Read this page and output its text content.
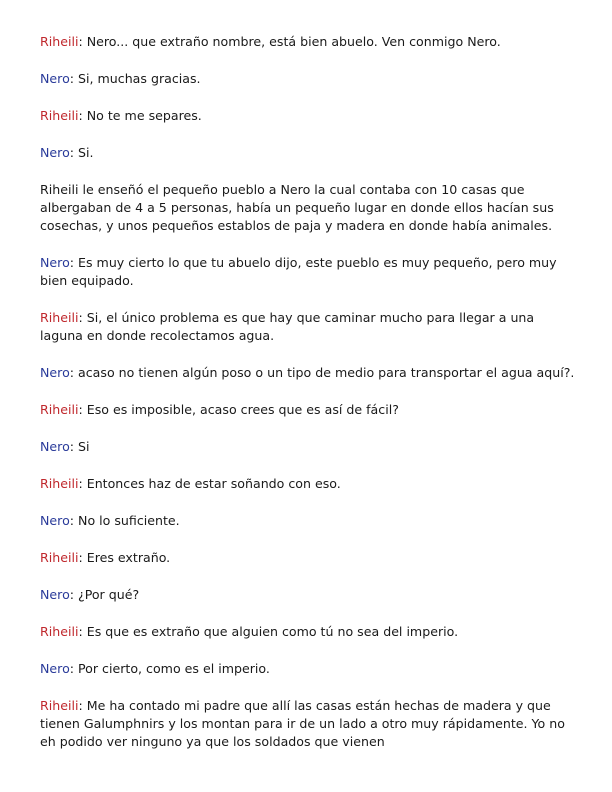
Riheili: Nero... que extraño nombre, está bien abuelo. Ven conmigo Nero.

Nero: Si, muchas gracias.

Riheili: No te me separes.

Nero: Si.

Riheili le enseñó el pequeño pueblo a Nero la cual contaba con 10 casas que albergaban de 4 a 5 personas, había un pequeño lugar en donde ellos hacían sus cosechas, y unos pequeños establos de paja y madera en donde había animales.

Nero: Es muy cierto lo que tu abuelo dijo, este pueblo es muy pequeño, pero muy bien equipado.

Riheili: Si, el único problema es que hay que caminar mucho para llegar a una laguna en donde recolectamos agua.

Nero: acaso no tienen algún poso o un tipo de medio para transportar el agua aquí?.

Riheili: Eso es imposible, acaso crees que es así de fácil?

Nero: Si

Riheili: Entonces haz de estar soñando con eso.

Nero: No lo suficiente.

Riheili: Eres extraño.

Nero: ¿Por qué?

Riheili: Es que es extraño que alguien como tú no sea del imperio.

Nero: Por cierto, como es el imperio.

Riheili: Me ha contado mi padre que allí las casas están hechas de madera y que tienen Galumphnirs y los montan para ir de un lado a otro muy rápidamente. Yo no eh podido ver ninguno ya que los soldados que vienen
